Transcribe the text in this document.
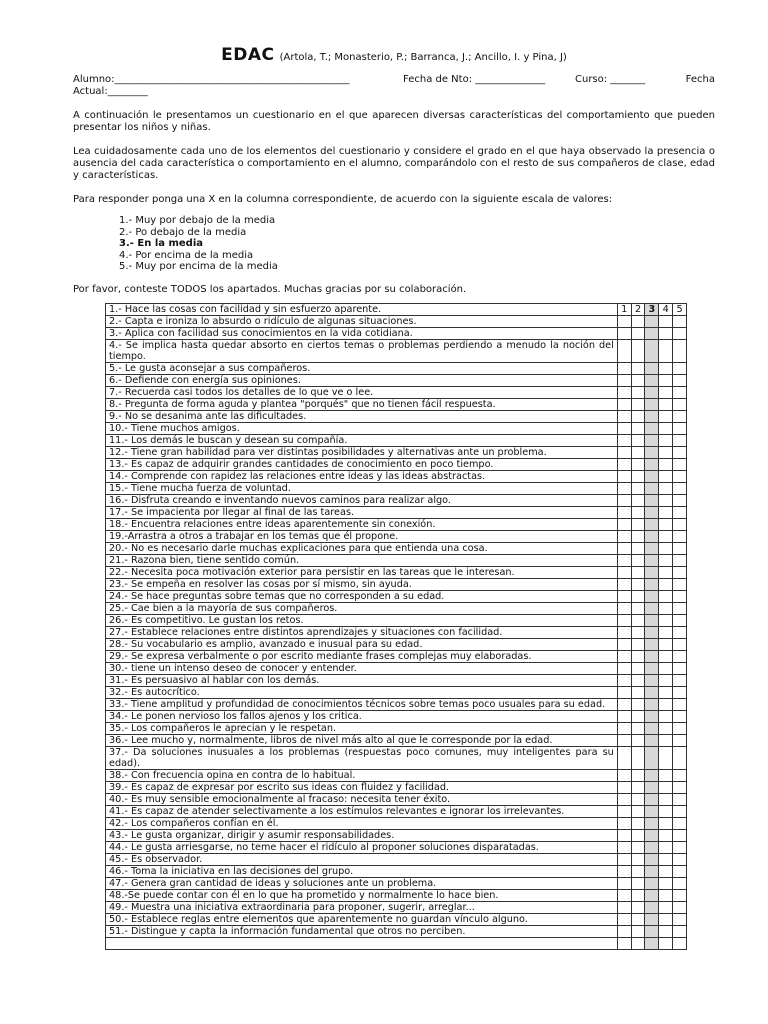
EDAC (Artola, T.; Monasterio, P.; Barranca, J.; Ancillo, I. y Pina, J)

Alumno:_______________________________________________	Fecha de Nto: ______________	Curso: _______	Fecha
Actual:________

A continuación le presentamos un cuestionario en el que aparecen diversas características del comportamiento que pueden presentar los niños y niñas.

Lea cuidadosamente cada uno de los elementos del cuestionario y considere el grado en el que haya observado la presencia o ausencia del cada característica o comportamiento en el alumno, comparándolo con el resto de sus compañeros de clase, edad y características.

Para responder ponga una X en la columna correspondiente, de acuerdo con la siguiente escala de valores:

1.- Muy por debajo de la media
2.- Po debajo de la media
3.- En la media
4.- Por encima de la media
5.- Muy por encima de la media
Por favor, conteste TODOS los apartados. Muchas gracias por su colaboración.
1.- Hace las cosas con facilidad y sin esfuerzo aparente.	1	2	3	4	5
2.- Capta e ironiza lo absurdo o ridículo de algunas situaciones.					
3.- Aplica con facilidad sus conocimientos en la vida cotidiana.					
4.- Se implica hasta quedar absorto en ciertos temas o problemas perdiendo a menudo la noción del tiempo.					
5.- Le gusta aconsejar a sus compañeros.					
6.- Defiende con energía sus opiniones.					
7.- Recuerda casi todos los detalles de lo que ve o lee.					
8.- Pregunta de forma aguda y plantea "porqués" que no tienen fácil respuesta.					
9.- No se desanima ante las dificultades.					
10.- Tiene muchos amigos.					
11.- Los demás le buscan y desean su compañía.					
12.- Tiene gran habilidad para ver distintas posibilidades y alternativas ante un problema.					
13.- Es capaz de adquirir grandes cantidades de conocimiento en poco tiempo.					
14.- Comprende con rapidez las relaciones entre ideas y las ideas abstractas.					
15.- Tiene mucha fuerza de voluntad.					
16.- Disfruta creando e inventando nuevos caminos para realizar algo.					
17.- Se impacienta por llegar al final de las tareas.					
18.- Encuentra relaciones entre ideas aparentemente sin conexión.					
19.-Arrastra a otros a trabajar en los temas que él propone.					
20.- No es necesario darle muchas explicaciones para que entienda una cosa.					
21.- Razona bien, tiene sentido común.					
22.- Necesita poca motivación exterior para persistir en las tareas que le interesan.					
23.- Se empeña en resolver las cosas por sí mismo, sin ayuda.					
24.- Se hace preguntas sobre temas que no corresponden a su edad.					
25.- Cae bien a la mayoría de sus compañeros.					
26.- Es competitivo. Le gustan los retos.					
27.- Establece relaciones entre distintos aprendizajes y situaciones con facilidad.					
28.- Su vocabulario es amplio, avanzado e inusual para su edad.					
29.- Se expresa verbalmente o por escrito mediante frases complejas muy elaboradas.					
30.- tiene un intenso deseo de conocer y entender.					
31.- Es persuasivo al hablar con los demás.					
32.- Es autocrítico.					
33.- Tiene amplitud y profundidad de conocimientos técnicos sobre temas poco usuales para su edad.					
34.- Le ponen nervioso los fallos ajenos y los critica.					
35.- Los compañeros le aprecian y le respetan.					
36.- Lee mucho y, normalmente, libros de nivel más alto al que le corresponde por la edad.					
37.- Da soluciones inusuales a los problemas (respuestas poco comunes, muy inteligentes para su edad).					
38.- Con frecuencia opina en contra de lo habitual.					
39.- Es capaz de expresar por escrito sus ideas con fluidez y facilidad.					
40.- Es muy sensible emocionalmente al fracaso: necesita tener éxito.					
41.- Es capaz de atender selectivamente a los estímulos relevantes e ignorar los irrelevantes.					
42.- Los compañeros confían en él.					
43.- Le gusta organizar, dirigir y asumir responsabilidades.					
44.- Le gusta arriesgarse, no teme hacer el ridículo al proponer soluciones disparatadas.					
45.- Es observador.					
46.- Toma la iniciativa en las decisiones del grupo.					
47.- Genera gran cantidad de ideas y soluciones ante un problema.					
48.-Se puede contar con él en lo que ha prometido y normalmente lo hace bien.					
49.- Muestra una iniciativa extraordinaria para proponer, sugerir, arreglar...					
50.- Establece reglas entre elementos que aparentemente no guardan vínculo alguno.					
51.- Distingue y capta la información fundamental que otros no perciben.					
